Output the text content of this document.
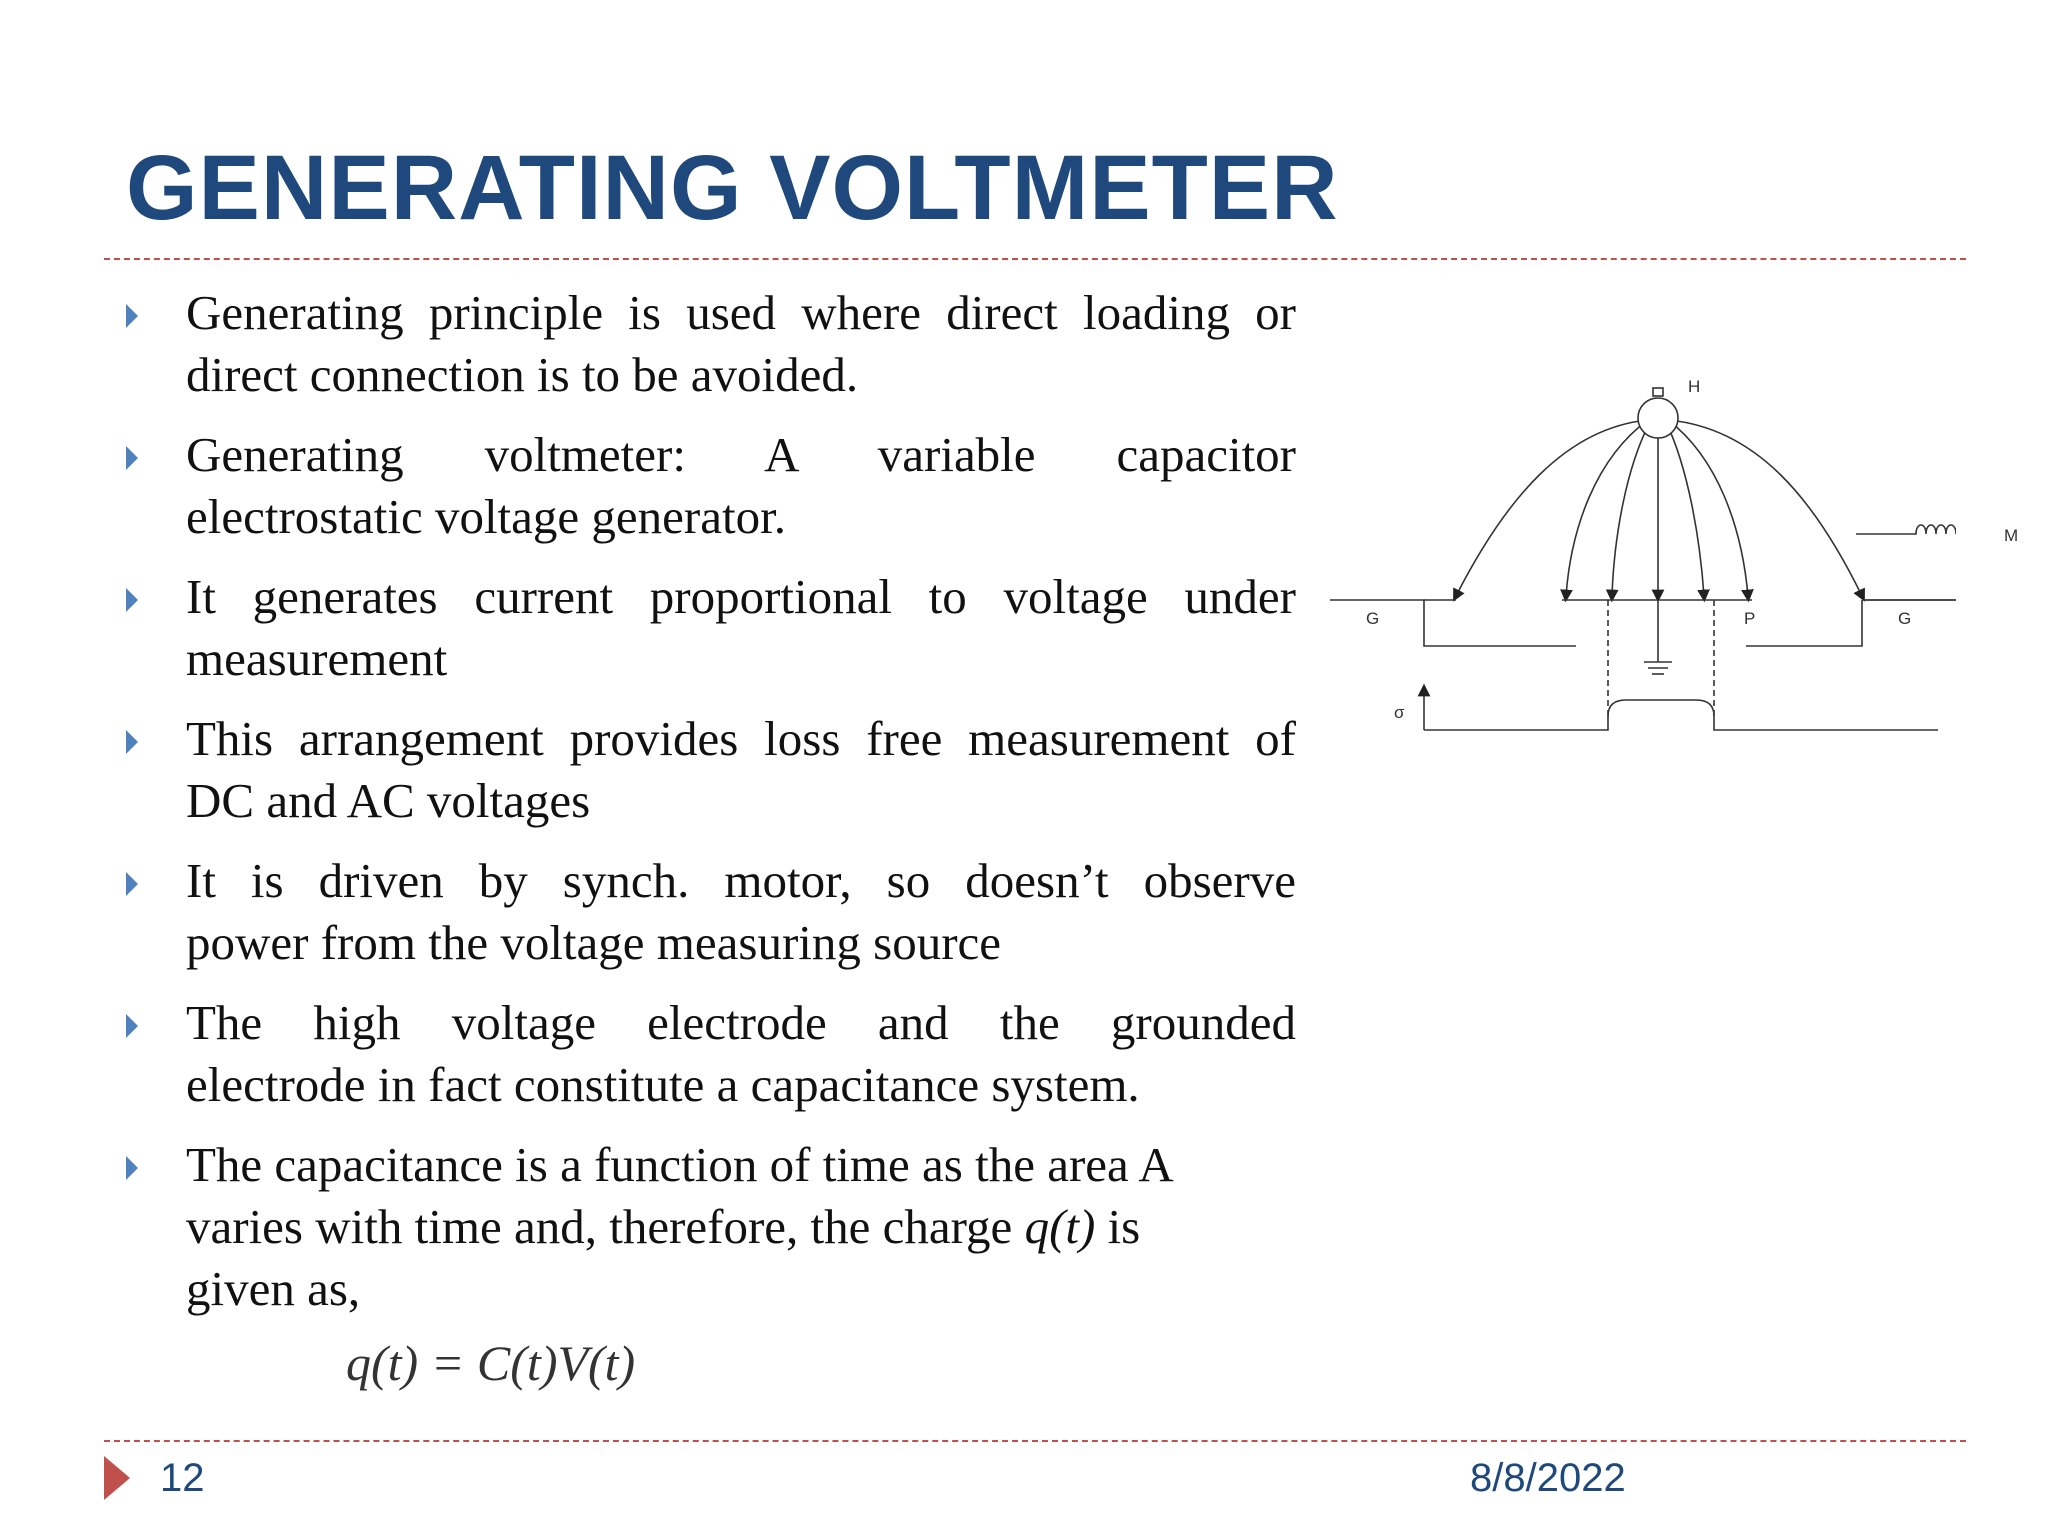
GENERATING VOLTMETER
Generating principle is used where direct loading or
direct connection is to be avoided.
Generating voltmeter: A variable capacitor
electrostatic voltage generator.
It generates current proportional to voltage under
measurement
This arrangement provides loss free measurement of
DC and AC voltages
It is driven by synch. motor, so doesn’t observe
power from the voltage measuring source
The high voltage electrode and the grounded
electrode in fact constitute a capacitance system.
The capacitance is a function of time as the area A
varies with time and, therefore, the charge q(t) is
given as,
q(t) = C(t)V(t)
H
G	P	G
σ
M
12	8/8/2022
